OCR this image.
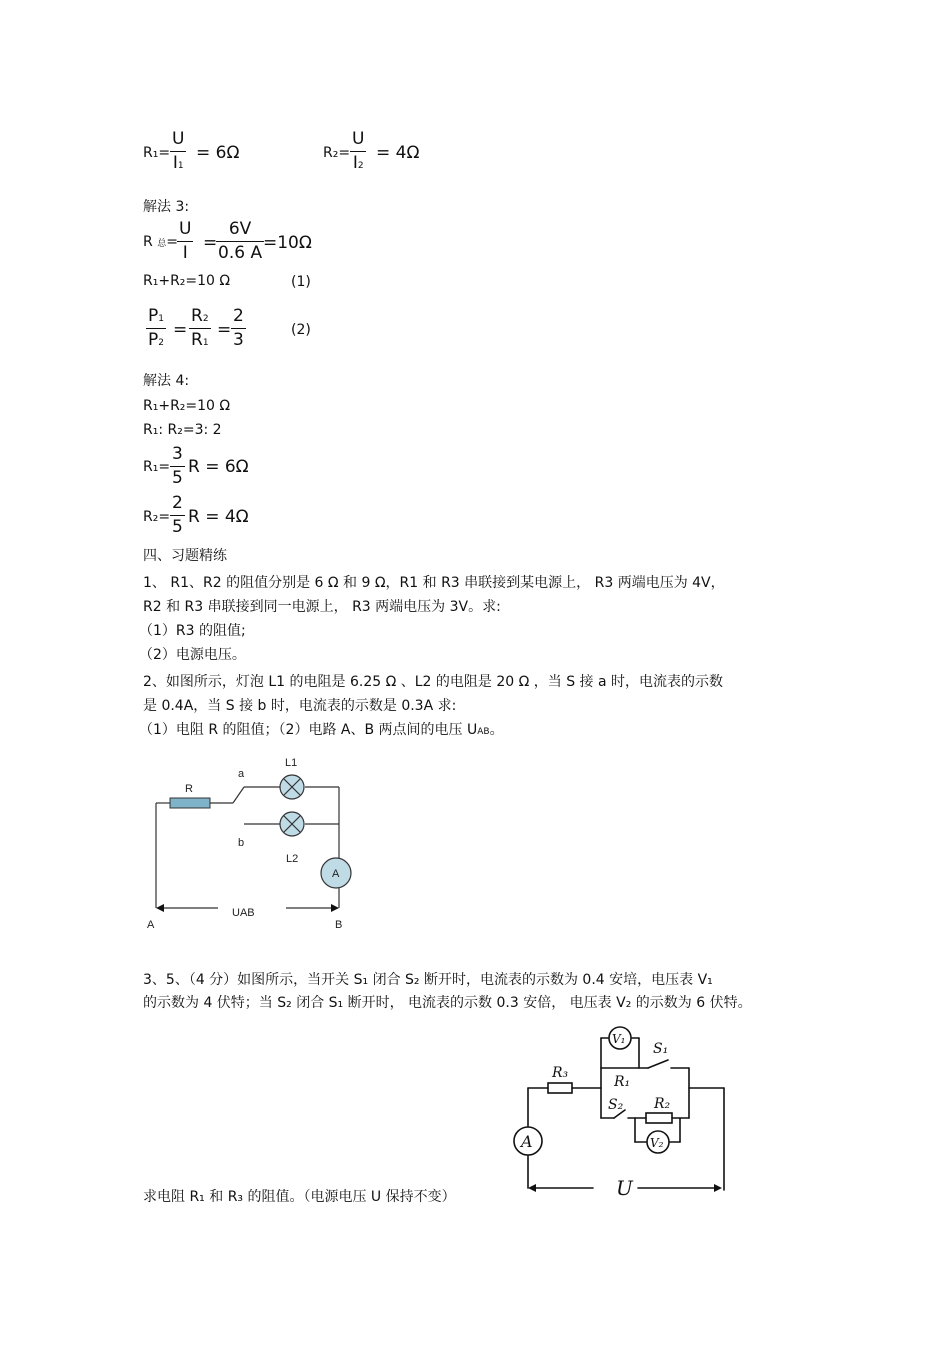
R₁=
U
I1
= 6Ω	R₂=
U
I2
= 4Ω
解法 3:
R 总=
U
I =
6V
0.6 A =10Ω
R₁+R₂=10 Ω	(1)
P1
P2
=
R2
R1
=
2
3	(2)
解法 4:
R₁+R₂=10 Ω
R₁: R₂=3: 2
R₁=
3
5
R = 6Ω
R₂=
2
5 R = 4Ω
四、习题精练
1、 R1、R2 的阻值分别是 6 Ω 和 9 Ω，R1 和 R3 串联接到某电源上， R3 两端电压为 4V，
R2 和 R3 串联接到同一电源上， R3 两端电压为 3V。求:
（1）R3 的阻值;
（2）电源电压。
2、如图所示，灯泡 L1 的电阻是 6.25 Ω 、L2 的电阻是 20 Ω ，当 S 接 a 时，电流表的示数
是 0.4A，当 S 接 b 时，电流表的示数是 0.3A 求:
（1）电阻 R 的阻值；（2）电路 A、B 两点间的电压 UAB。
R
a
L1
b
L2
A
UAB
A	B
3、5、（4 分）如图所示，当开关 S₁ 闭合 S₂ 断开时，电流表的示数为 0.4 安培，电压表 V₁
的示数为 4 伏特；当 S₂ 闭合 S₁ 断开时， 电流表的示数 0.3 安倍， 电压表 V₂ 的示数为 6 伏特。
求电阻 R₁ 和 R₃ 的阻值。（电源电压 U 保持不变）
R₃
V₁
S₁
R₁
S₂ R₂
V₂
A
U
